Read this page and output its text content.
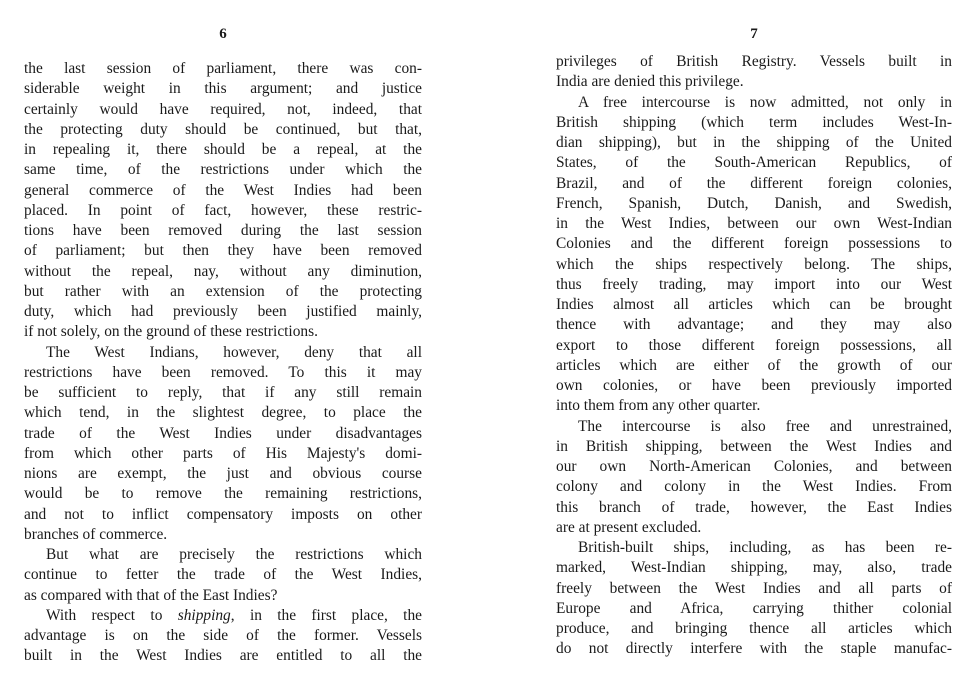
6
the last session of parliament, there was con-
siderable weight in this argument; and justice
certainly would have required, not, indeed, that
the protecting duty should be continued, but that,
in repealing it, there should be a repeal, at the
same time, of the restrictions under which the
general commerce of the West Indies had been
placed. In point of fact, however, these restric-
tions have been removed during the last session
of parliament; but then they have been removed
without the repeal, nay, without any diminution,
but rather with an extension of the protecting
duty, which had previously been justified mainly,
if not solely, on the ground of these restrictions.
The West Indians, however, deny that all
restrictions have been removed. To this it may
be sufficient to reply, that if any still remain
which tend, in the slightest degree, to place the
trade of the West Indies under disadvantages
from which other parts of His Majesty's domi-
nions are exempt, the just and obvious course
would be to remove the remaining restrictions,
and not to inflict compensatory imposts on other
branches of commerce.
But what are precisely the restrictions which
continue to fetter the trade of the West Indies,
as compared with that of the East Indies?
With respect to shipping, in the first place, the
advantage is on the side of the former. Vessels
built in the West Indies are entitled to all the
7
privileges of British Registry. Vessels built in
India are denied this privilege.
A free intercourse is now admitted, not only in
British shipping (which term includes West-In-
dian shipping), but in the shipping of the United
States, of the South-American Republics, of
Brazil, and of the different foreign colonies,
French, Spanish, Dutch, Danish, and Swedish,
in the West Indies, between our own West-Indian
Colonies and the different foreign possessions to
which the ships respectively belong. The ships,
thus freely trading, may import into our West
Indies almost all articles which can be brought
thence with advantage; and they may also
export to those different foreign possessions, all
articles which are either of the growth of our
own colonies, or have been previously imported
into them from any other quarter.
The intercourse is also free and unrestrained,
in British shipping, between the West Indies and
our own North-American Colonies, and between
colony and colony in the West Indies. From
this branch of trade, however, the East Indies
are at present excluded.
British-built ships, including, as has been re-
marked, West-Indian shipping, may, also, trade
freely between the West Indies and all parts of
Europe and Africa, carrying thither colonial
produce, and bringing thence all articles which
do not directly interfere with the staple manufac-
